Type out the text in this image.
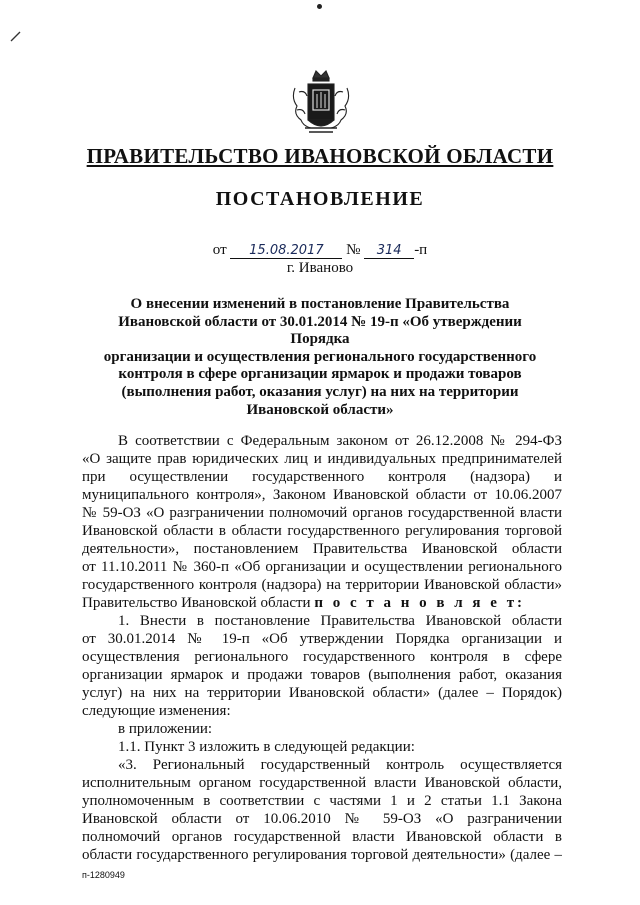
ПРАВИТЕЛЬСТВО ИВАНОВСКОЙ ОБЛАСТИ
ПОСТАНОВЛЕНИЕ
от 15.08.2017 № 314 -п
г. Иваново
О внесении изменений в постановление Правительства
Ивановской области от 30.01.2014 № 19-п «Об утверждении Порядка
организации и осуществления регионального государственного
контроля в сфере организации ярмарок и продажи товаров
(выполнения работ, оказания услуг) на них на территории
Ивановской области»
В соответствии с Федеральным законом от 26.12.2008 № 294-ФЗ
«О защите прав юридических лиц и индивидуальных предпринимателей
при осуществлении государственного контроля (надзора) и
муниципального контроля», Законом Ивановской области от 10.06.2007
№ 59-ОЗ «О разграничении полномочий органов государственной власти
Ивановской области в области государственного регулирования торговой
деятельности», постановлением Правительства Ивановской области
от 11.10.2011 № 360-п «Об организации и осуществлении регионального
государственного контроля (надзора) на территории Ивановской области»
Правительство Ивановской области п о с т а н о в л я е т:
1. Внести в постановление Правительства Ивановской области
от 30.01.2014 № 19-п «Об утверждении Порядка организации и
осуществления регионального государственного контроля в сфере
организации ярмарок и продажи товаров (выполнения работ, оказания
услуг) на них на территории Ивановской области» (далее – Порядок)
следующие изменения:
в приложении:
1.1. Пункт 3 изложить в следующей редакции:
«3. Региональный государственный контроль осуществляется
исполнительным органом государственной власти Ивановской области,
уполномоченным в соответствии с частями 1 и 2 статьи 1.1 Закона
Ивановской области от 10.06.2010 № 59-ОЗ «О разграничении
полномочий органов государственной власти Ивановской области в
области государственного регулирования торговой деятельности» (далее –
п-1280949
